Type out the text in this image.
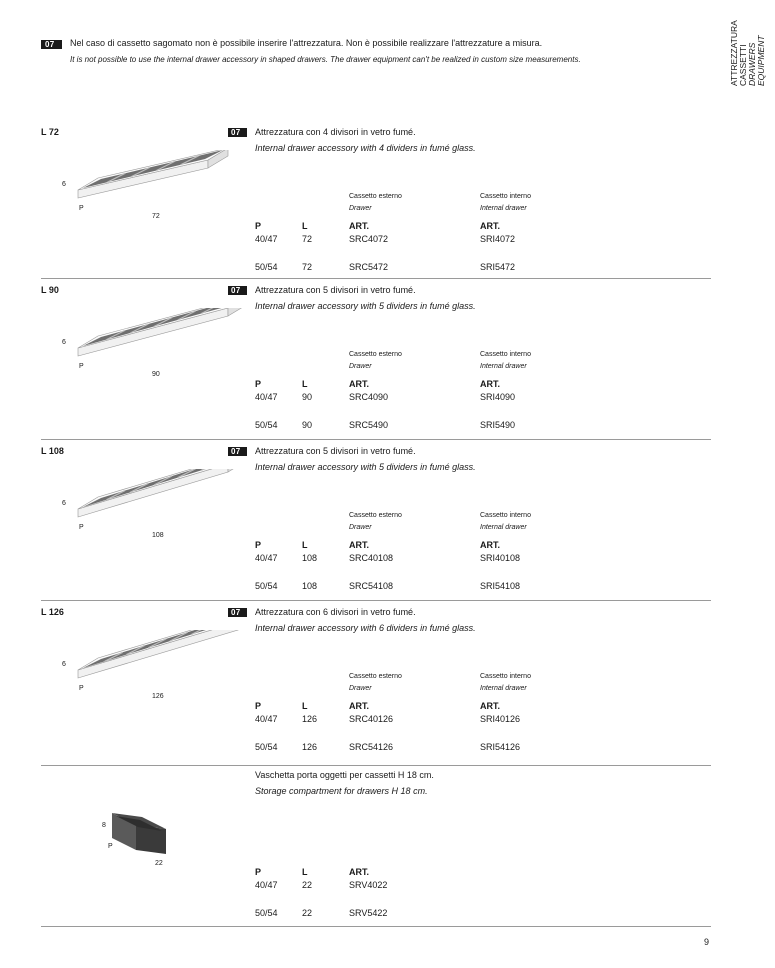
ATTREZZATURA CASSETTI DRAWERS EQUIPMENT
07	Nel caso di cassetto sagomato non è possibile inserire l'attrezzatura. Non è possibile realizzare l'attrezzature a misura.
It is not possible to use the internal drawer accessory in shaped drawers. The drawer equipment can't be realized in custom size measurements.
L 72	07	Attrezzatura con 4 divisori in vetro fumé.
Internal drawer accessory with 4 dividers in fumé glass.
6
P
72
Cassetto esterno
Drawer
Cassetto interno
Internal drawer
P	L	ART.	ART.
40/47	72	SRC4072	SRI4072
50/54	72	SRC5472	SRI5472
L 90	07	Attrezzatura con 5 divisori in vetro fumé.
Internal drawer accessory with 5 dividers in fumé glass.
6
P
90
Cassetto esterno
Drawer
Cassetto interno
Internal drawer
P	L	ART.	ART.
40/47	90	SRC4090	SRI4090
50/54	90	SRC5490	SRI5490
L 108	07	Attrezzatura con 5 divisori in vetro fumé.
Internal drawer accessory with 5 dividers in fumé glass.
6
P
108
Cassetto esterno
Drawer
Cassetto interno
Internal drawer
P	L	ART.	ART.
40/47	108	SRC40108	SRI40108
50/54	108	SRC54108	SRI54108
L 126	07	Attrezzatura con 6 divisori in vetro fumé.
Internal drawer accessory with 6 dividers in fumé glass.
6
P
126
Cassetto esterno
Drawer
Cassetto interno
Internal drawer
P	L	ART.	ART.
40/47	126	SRC40126	SRI40126
50/54	126	SRC54126	SRI54126
Vaschetta porta oggetti per cassetti H 18 cm.
Storage compartment for drawers H 18 cm.
8
P
22
P	L	ART.
40/47	22	SRV4022
50/54	22	SRV5422
9
